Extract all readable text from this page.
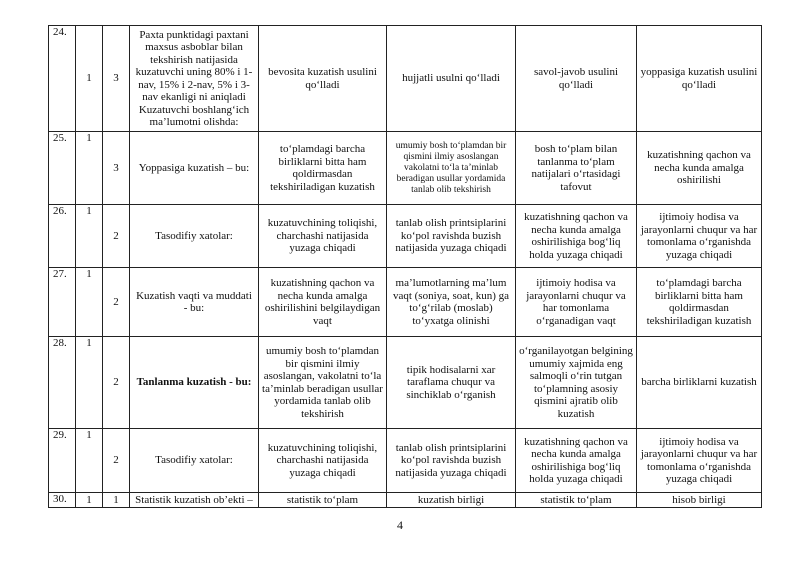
24.	1	3	Paxta punktidagi paxtani maxsus asboblar bilan tekshirish natijasida kuzatuvchi uning 80% i 1-nav, 15% i 2-nav, 5% i 3-nav ekanligi ni aniqladi Kuzatuvchi boshlang‘ich ma’lumotni olishda:	bevosita kuzatish usulini qo‘lladi	hujjatli usulni qo‘lladi	savol-javob usulini qo‘lladi	yoppasiga kuzatish usulini qo‘lladi
25.	1	3	Yoppasiga kuzatish – bu:	to‘plamdagi barcha birliklarni bitta ham qoldirmasdan tekshiriladigan kuzatish	umumiy bosh to‘plamdan bir qismini ilmiy asoslangan vakolatni to‘la ta’minlab beradigan usullar yordamida tanlab olib tekshirish	bosh to‘plam bilan tanlanma to‘plam natijalari o‘rtasidagi tafovut	kuzatishning qachon va necha kunda amalga oshirilishi
26.	1	2	Tasodifiy xatolar:	kuzatuvchining toliqishi, charchashi natijasida yuzaga chiqadi	tanlab olish printsiplarini ko‘pol ravishda buzish natijasida yuzaga chiqadi	kuzatishning qachon va necha kunda amalga oshirilishiga bog‘liq holda yuzaga chiqadi	ijtimoiy hodisa va jarayonlarni chuqur va har tomonlama o‘rganishda yuzaga chiqadi
27.	1	2	Kuzatish vaqti va muddati - bu:	kuzatishning qachon va necha kunda amalga oshirilishini belgilaydigan vaqt	ma’lumotlarning ma’lum vaqt (soniya, soat, kun) ga to‘g‘rilab (moslab) to‘yxatga olinishi	ijtimoiy hodisa va jarayonlarni chuqur va har tomonlama o‘rganadigan vaqt	to‘plamdagi barcha birliklarni bitta ham qoldirmasdan tekshiriladigan kuzatish
28.	1	2	Tanlanma kuzatish - bu:	umumiy bosh to‘plamdan bir qismini ilmiy asoslangan, vakolatni to‘la ta’minlab beradigan usullar yordamida tanlab olib tekshirish	tipik hodisalarni xar taraflama chuqur va sinchiklab o‘rganish	o‘rganilayotgan belgining umumiy xajmida eng salmoqli o‘rin tutgan to‘plamning asosiy qismini ajratib olib kuzatish	barcha birliklarni kuzatish
29.	1	2	Tasodifiy xatolar:	kuzatuvchining toliqishi, charchashi natijasida yuzaga chiqadi	tanlab olish printsiplarini ko‘pol ravishda buzish natijasida yuzaga chiqadi	kuzatishning qachon va necha kunda amalga oshirilishiga bog‘liq holda yuzaga chiqadi	ijtimoiy hodisa va jarayonlarni chuqur va har tomonlama o‘rganishda yuzaga chiqadi
30.	1	1	Statistik kuzatish ob’ekti –	statistik to‘plam	kuzatish birligi	statistik to‘plam	hisob birligi
4
